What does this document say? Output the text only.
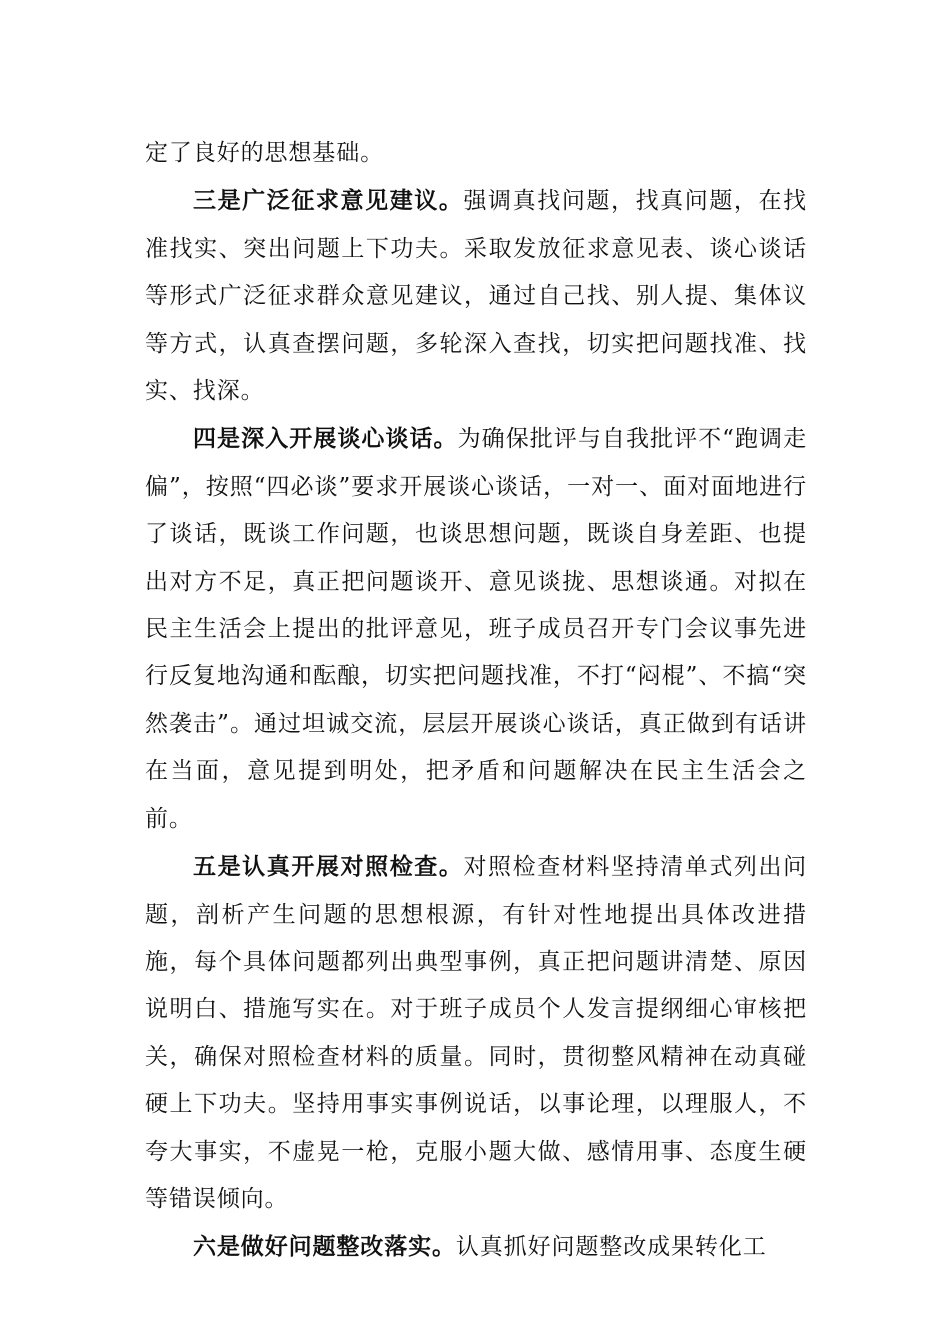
定了良好的思想基础。

三是广泛征求意见建议。强调真找问题，找真问题，在找准找实、突出问题上下功夫。采取发放征求意见表、谈心谈话等形式广泛征求群众意见建议，通过自己找、别人提、集体议等方式，认真查摆问题，多轮深入查找，切实把问题找准、找实、找深。

四是深入开展谈心谈话。为确保批评与自我批评不“跑调走偏”，按照“四必谈”要求开展谈心谈话，一对一、面对面地进行了谈话，既谈工作问题，也谈思想问题，既谈自身差距、也提出对方不足，真正把问题谈开、意见谈拢、思想谈通。对拟在民主生活会上提出的批评意见，班子成员召开专门会议事先进行反复地沟通和酝酿，切实把问题找准，不打“闷棍”、不搞“突然袭击”。通过坦诚交流，层层开展谈心谈话，真正做到有话讲在当面，意见提到明处，把矛盾和问题解决在民主生活会之前。

五是认真开展对照检查。对照检查材料坚持清单式列出问题，剖析产生问题的思想根源，有针对性地提出具体改进措施，每个具体问题都列出典型事例，真正把问题讲清楚、原因说明白、措施写实在。对于班子成员个人发言提纲细心审核把关，确保对照检查材料的质量。同时，贯彻整风精神在动真碰硬上下功夫。坚持用事实事例说话，以事论理，以理服人，不夸大事实，不虚晃一枪，克服小题大做、感情用事、态度生硬等错误倾向。

六是做好问题整改落实。认真抓好问题整改成果转化工
